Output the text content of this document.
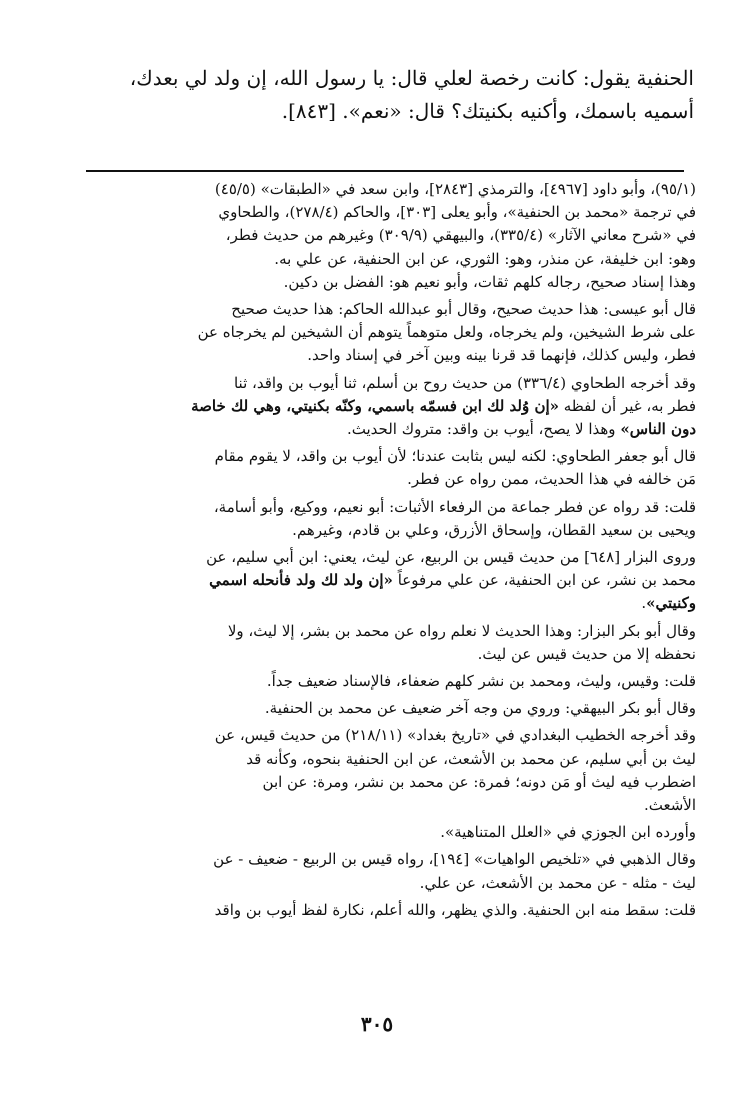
الحنفية يقول: كانت رخصة لعلي قال: يا رسول الله، إن ولد لي بعدك،
أسميه باسمك، وأكنيه بكنيتك؟ قال: «نعم». [٨٤٣].
(٩٥/١)، وأبو داود [٤٩٦٧]، والترمذي [٢٨٤٣]، وابن سعد في «الطبقات» (٤٥/٥)
في ترجمة «محمد بن الحنفية»، وأبو يعلى [٣٠٣]، والحاكم (٢٧٨/٤)، والطحاوي
في «شرح معاني الآثار» (٣٣٥/٤)، والبيهقي (٣٠٩/٩) وغيرهم من حديث فطر،
وهو: ابن خليفة، عن منذر، وهو: الثوري، عن ابن الحنفية، عن علي به.
وهذا إسناد صحيح، رجاله كلهم ثقات، وأبو نعيم هو: الفضل بن دكين.
قال أبو عيسى: هذا حديث صحيح، وقال أبو عبدالله الحاكم: هذا حديث صحيح
على شرط الشيخين، ولم يخرجاه، ولعل متوهماً يتوهم أن الشيخين لم يخرجاه عن
فطر، وليس كذلك، فإنهما قد قرنا بينه وبين آخر في إسناد واحد.
وقد أخرجه الطحاوي (٣٣٦/٤) من حديث روح بن أسلم، ثنا أيوب بن واقد، ثنا
فطر به، غير أن لفظه «إن وُلد لك ابن فسمّه باسمي، وكنّه بكنيتي، وهي لك خاصة
دون الناس» وهذا لا يصح، أيوب بن واقد: متروك الحديث.
قال أبو جعفر الطحاوي: لكنه ليس بثابت عندنا؛ لأن أيوب بن واقد، لا يقوم مقام
مَن خالفه في هذا الحديث، ممن رواه عن فطر.
قلت: قد رواه عن فطر جماعة من الرفعاء الأثبات: أبو نعيم، ووكيع، وأبو أسامة،
ويحيى بن سعيد القطان، وإسحاق الأزرق، وعلي بن قادم، وغيرهم.
وروى البزار [٦٤٨] من حديث قيس بن الربيع، عن ليث، يعني: ابن أبي سليم، عن
محمد بن نشر، عن ابن الحنفية، عن علي مرفوعاً «إن ولد لك ولد فأنحله اسمي
وكنيتي».
وقال أبو بكر البزار: وهذا الحديث لا نعلم رواه عن محمد بن بشر، إلا ليث، ولا
نحفظه إلا من حديث قيس عن ليث.
قلت: وقيس، وليث، ومحمد بن نشر كلهم ضعفاء، فالإسناد ضعيف جداً.
وقال أبو بكر البيهقي: وروي من وجه آخر ضعيف عن محمد بن الحنفية.
وقد أخرجه الخطيب البغدادي في «تاريخ بغداد» (٢١٨/١١) من حديث قيس، عن
ليث بن أبي سليم، عن محمد بن الأشعث، عن ابن الحنفية بنحوه، وكأنه قد
اضطرب فيه ليث أو مَن دونه؛ فمرة: عن محمد بن نشر، ومرة: عن ابن
الأشعث.
وأورده ابن الجوزي في «العلل المتناهية».
وقال الذهبي في «تلخيص الواهيات» [١٩٤]، رواه قيس بن الربيع - ضعيف - عن
ليث - مثله - عن محمد بن الأشعث، عن علي.
قلت: سقط منه ابن الحنفية. والذي يظهر، والله أعلم، نكارة لفظ أيوب بن واقد
٣٠٥
